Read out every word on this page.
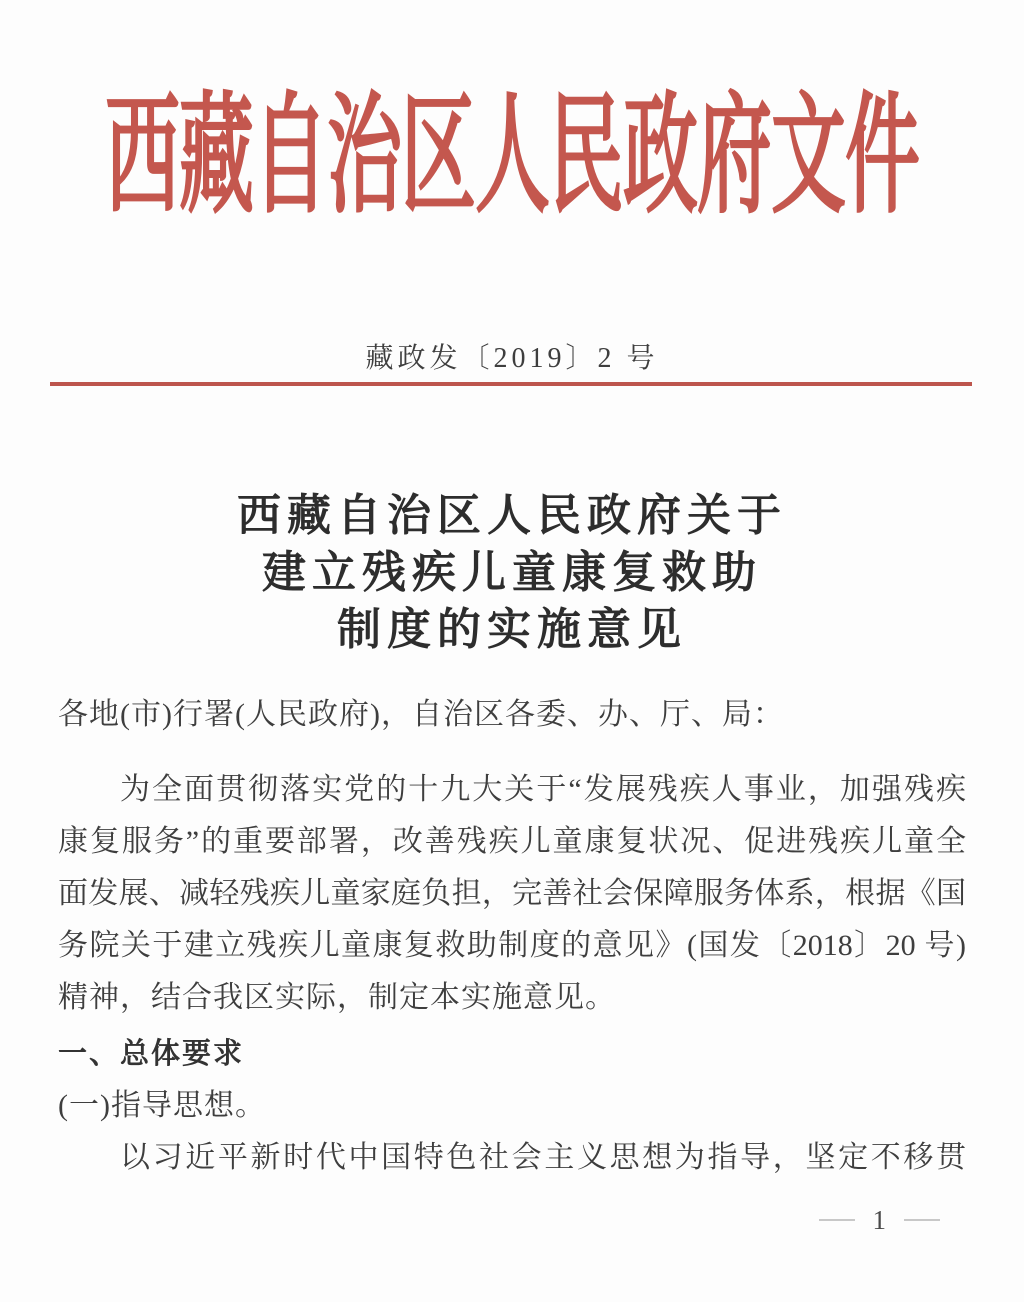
西藏自治区人民政府文件
藏政发〔2019〕2 号
西藏自治区人民政府关于
建立残疾儿童康复救助
制度的实施意见
各地(市)行署(人民政府)，自治区各委、办、厅、局：
为全面贯彻落实党的十九大关于“发展残疾人事业，加强残疾
康复服务”的重要部署，改善残疾儿童康复状况、促进残疾儿童全
面发展、减轻残疾儿童家庭负担，完善社会保障服务体系，根据《国
务院关于建立残疾儿童康复救助制度的意见》(国发〔2018〕20 号)
精神，结合我区实际，制定本实施意见。
一、总体要求
(一)指导思想。
以习近平新时代中国特色社会主义思想为指导，坚定不移贯
1
